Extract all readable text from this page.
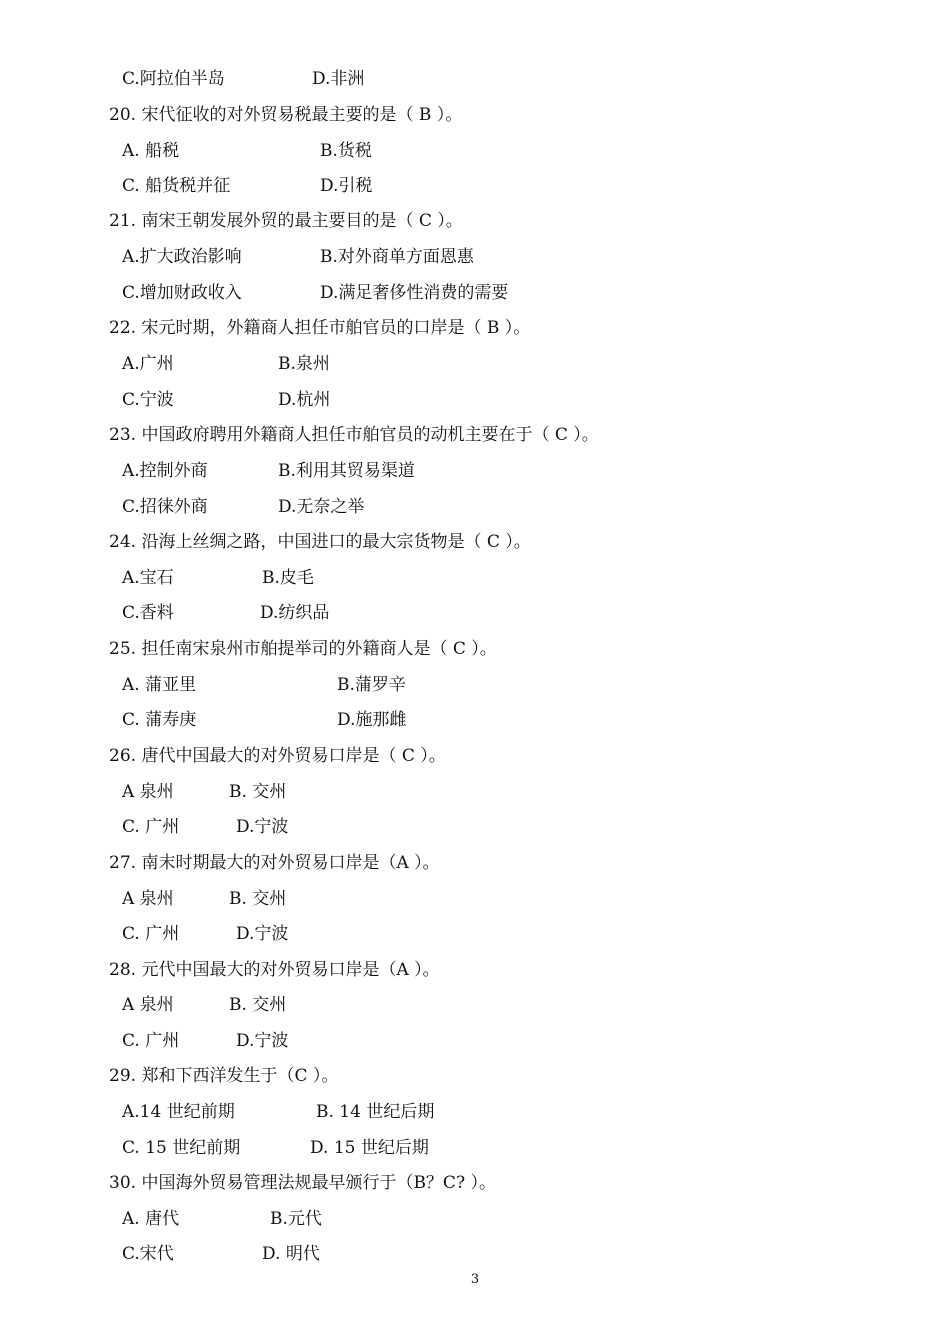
C.阿拉伯半岛	D.非洲
20. 宋代征收的对外贸易税最主要的是（ B ）。
A. 船税	B.货税
C. 船货税并征	D.引税
21. 南宋王朝发展外贸的最主要目的是（ C ）。
A.扩大政治影响	B.对外商单方面恩惠
C.增加财政收入	D.满足奢侈性消费的需要
22. 宋元时期，外籍商人担任市舶官员的口岸是（ B ）。
A.广州	B.泉州
C.宁波	D.杭州
23. 中国政府聘用外籍商人担任市舶官员的动机主要在于（ C ）。
A.控制外商	B.利用其贸易渠道
C.招徕外商	D.无奈之举
24. 沿海上丝绸之路，中国进口的最大宗货物是（ C ）。
A.宝石	B.皮毛
C.香料	D.纺织品
25. 担任南宋泉州市舶提举司的外籍商人是（ C ）。
A. 蒲亚里	B.蒲罗辛
C. 蒲寿庚	D.施那雌
26. 唐代中国最大的对外贸易口岸是（ C ）。
A 泉州	B. 交州
C. 广州	D.宁波
27. 南末时期最大的对外贸易口岸是（A ）。
A 泉州	B. 交州
C. 广州	D.宁波
28. 元代中国最大的对外贸易口岸是（A ）。
A 泉州	B. 交州
C. 广州	D.宁波
29. 郑和下西洋发生于（C ）。
A.14 世纪前期	B. 14 世纪后期
C. 15 世纪前期	D. 15 世纪后期
30. 中国海外贸易管理法规最早颁行于（B？C? ）。
A. 唐代	B.元代
C.宋代	D. 明代
3
